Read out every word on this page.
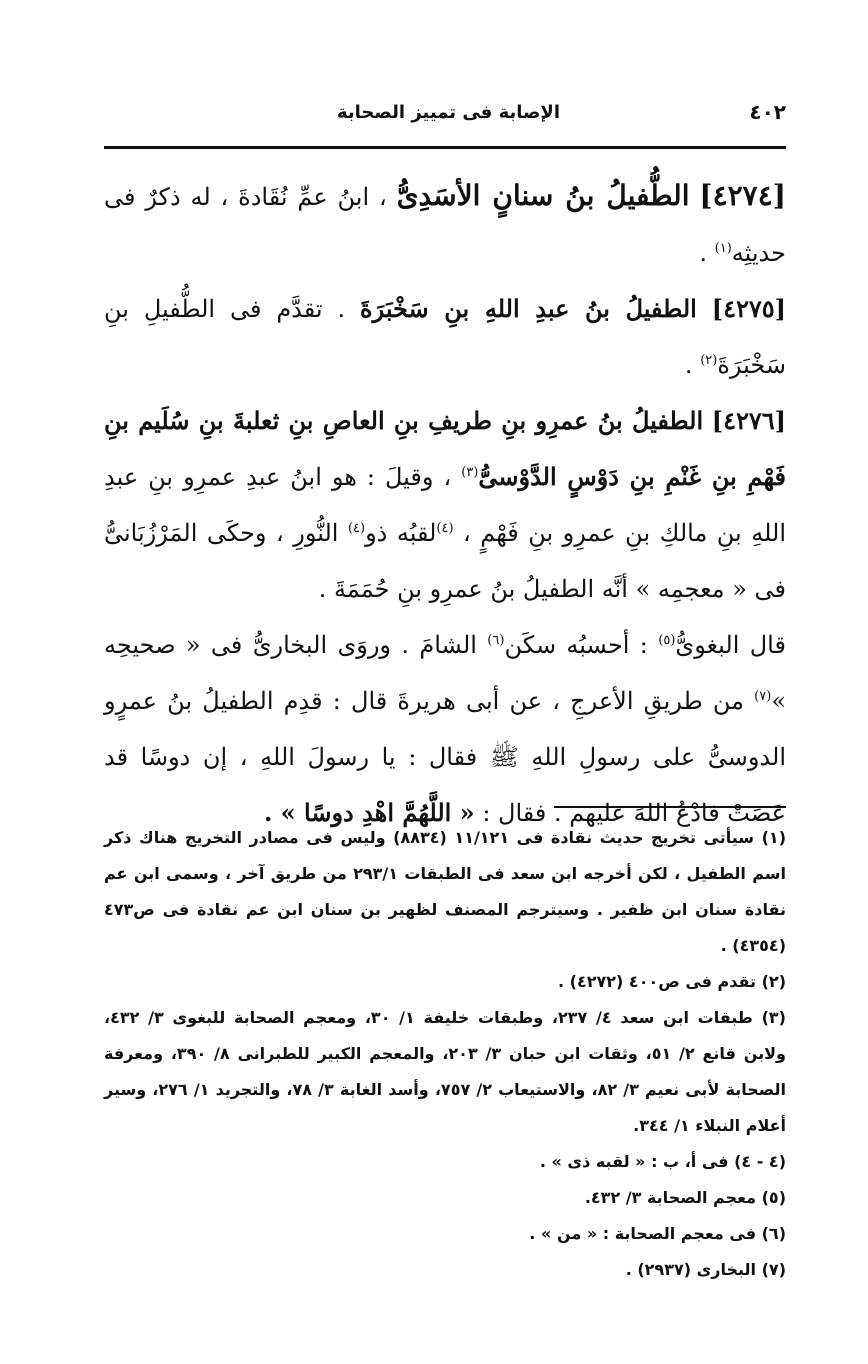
٤٠٢
الإصابة فى تمييز الصحابة

[٤٢٧٤] الطُّفيلُ بنُ سنانٍ الأسَدِىُّ ، ابنُ عمِّ نُقَادةَ ، له ذكرٌ فى حديثِه$^{(١)}$ .

[٤٢٧٥] الطفيلُ بنُ عبدِ اللهِ بنِ سَخْبَرَةَ . تقدَّم فى الطُّفيلِ بنِ سَخْبَرَةَ$^{(٢)}$ .

[٤٢٧٦] الطفيلُ بنُ عمرِو بنِ طريفِ بنِ العاصِ بنِ ثعلبةَ بنِ سُلَيم بنِ فَهْمِ بنِ غَنْمِ بنِ دَوْسٍ الدَّوْسىُّ$^{(٣)}$ ، وقيلَ : هو ابنُ عبدِ عمرِو بنِ عبدِ اللهِ بنِ مالكِ بنِ عمرِو بنِ فَهْمٍ ، $^{(٤)}$لقبُه ذو$^{(٤)}$ النُّورِ ، وحكَى المَرْزُبَانىُّ فى « معجمِه » أنَّه الطفيلُ بنُ عمرِو بنِ حُمَمَةَ .

قال البغوىُّ$^{(٥)}$ : أحسبُه سكَن$^{(٦)}$ الشامَ . وروَى البخارىُّ فى « صحيحِه »$^{(٧)}$ من طريقِ الأعرجِ ، عن أبى هريرةَ قال : قدِم الطفيلُ بنُ عمرٍو الدوسىُّ على رسولِ اللهِ ﷺ فقال : يا رسولَ اللهِ ، إن دوسًا قد عَصَتْ فادْعُ اللهَ عليهم . فقال : « اللَّهُمَّ اهْدِ دوسًا » .

(١) سيأتى تخريج حديث نقادة فى ١١/١٢١ (٨٨٣٤) وليس فى مصادر التخريج هناك ذكر اسم الطفيل ، لكن أخرجه ابن سعد فى الطبقات ٢٩٣/١ من طريق آخر ، وسمى ابن عم نقادة سنان ابن ظفير . وسيترجم المصنف لظهير بن سنان ابن عم نقادة فى ص٤٧٣ (٤٣٥٤) .

(٢) تقدم فى ص٤٠٠ (٤٢٧٢) .

(٣) طبقات ابن سعد ٤/ ٢٣٧، وطبقات خليفة ١/ ٣٠، ومعجم الصحابة للبغوى ٣/ ٤٣٢، ولابن قانع ٢/ ٥١، وثقات ابن حبان ٣/ ٢٠٣، والمعجم الكبير للطبرانى ٨/ ٣٩٠، ومعرفة الصحابة لأبى نعيم ٣/ ٨٢، والاستيعاب ٢/ ٧٥٧، وأسد الغابة ٣/ ٧٨، والتجريد ١/ ٢٧٦، وسير أعلام النبلاء ١/ ٣٤٤.

(٤ - ٤) فى أ، ب : « لقبه ذى » .

(٥) معجم الصحابة ٣/ ٤٣٢.

(٦) فى معجم الصحابة : « من » .

(٧) البخارى (٢٩٣٧) .
